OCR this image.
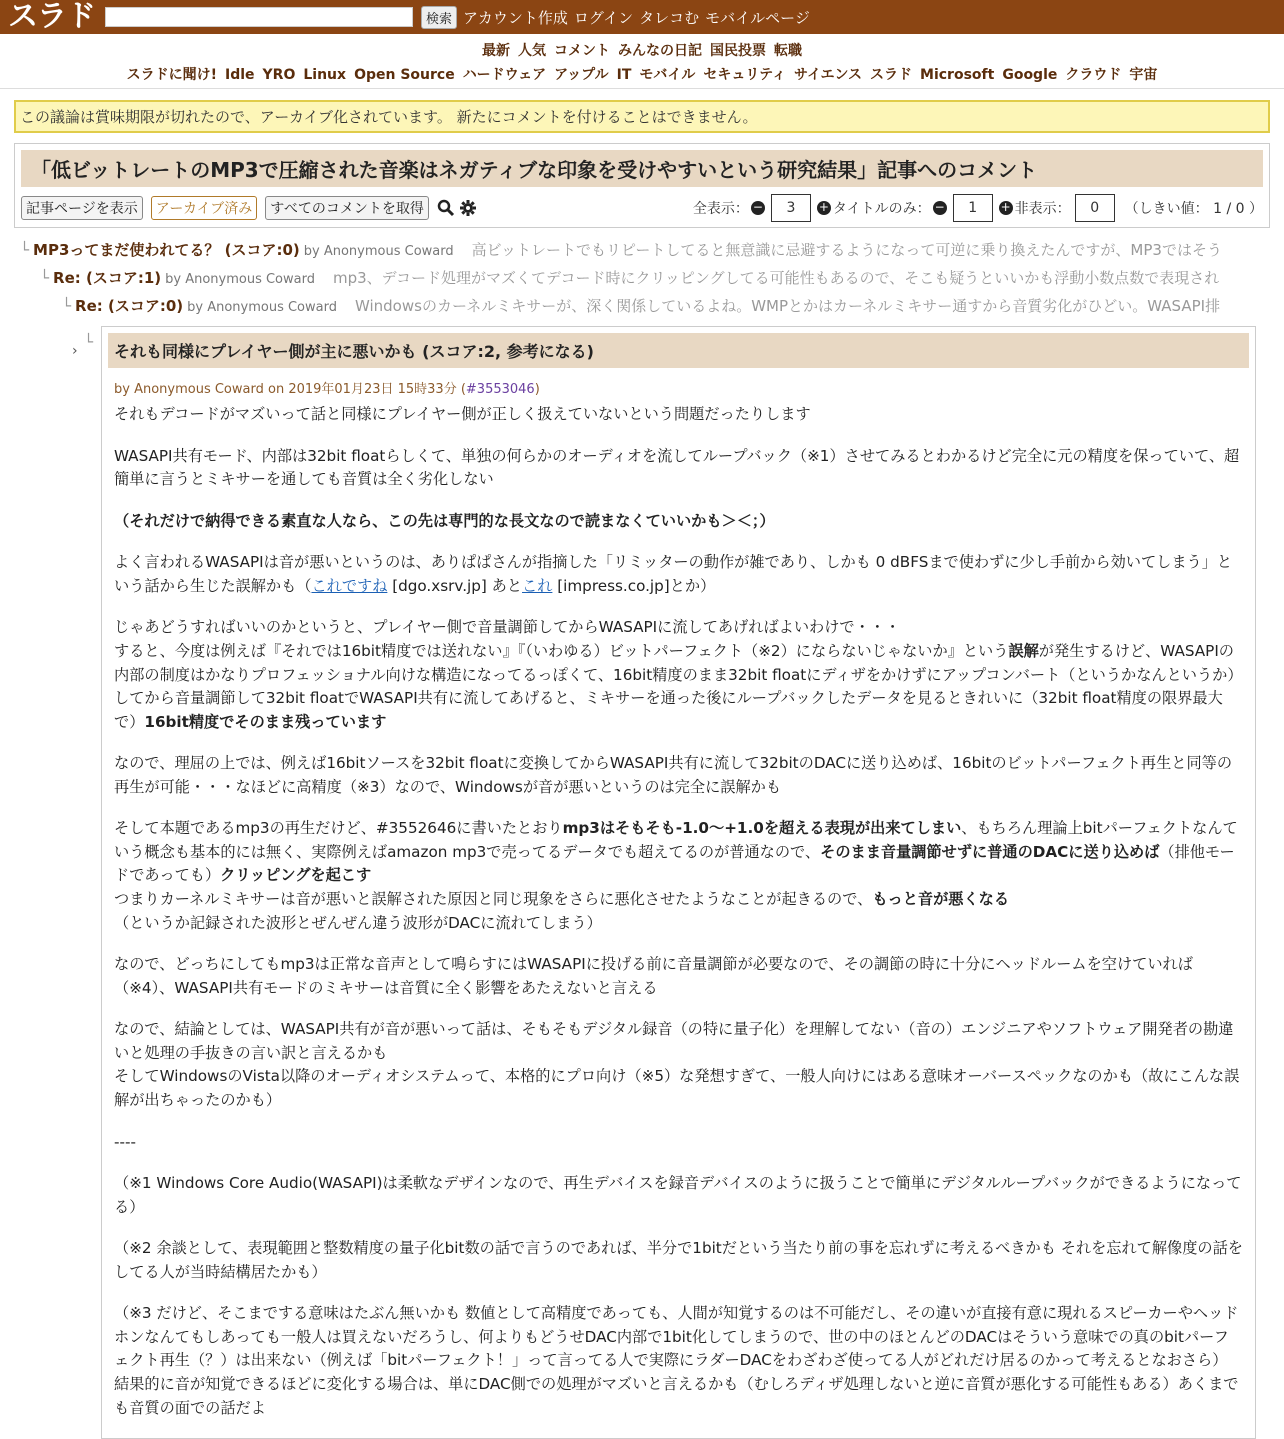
スラド	検索 アカウント作成 ログイン タレコむ モバイルページ
最新 人気 コメント みんなの日記 国民投票 転職
スラドに聞け! Idle YRO Linux Open Source ハードウェア アップル IT モバイル セキュリティ サイエンス スラド Microsoft Google クラウド 宇宙
この議論は賞味期限が切れたので、アーカイブ化されています。 新たにコメントを付けることはできません。
「低ビットレートのMP3で圧縮された音楽はネガティブな印象を受けやすいという研究結果」記事へのコメント
記事ページを表示	アーカイブ済み	すべてのコメントを取得	全表示： −	3	+ タイトルのみ： −	1	+ 非表示：	0	（しきい値： 1 / 0 ）
└ MP3ってまだ使われてる？ (スコア:0) by Anonymous Coward 高ビットレートでもリピートしてると無意識に忌避するようになって可逆に乗り換えたんですが、MP3ではそう
└ Re: (スコア:1) by Anonymous Coward mp3、デコード処理がマズくてデコード時にクリッピングしてる可能性もあるので、そこも疑うといいかも浮動小数点数で表現され
└ Re: (スコア:0) by Anonymous Coward Windowsのカーネルミキサーが、深く関係しているよね。WMPとかはカーネルミキサー通すから音質劣化がひどい。WASAPI排
› └	それも同様にプレイヤー側が主に悪いかも (スコア:2, 参考になる)
by Anonymous Coward on 2019年01月23日 15時33分 (#3553046)

それもデコードがマズいって話と同様にプレイヤー側が正しく扱えていないという問題だったりします

WASAPI共有モード、内部は32bit floatらしくて、単独の何らかのオーディオを流してループバック（※1）させてみるとわかるけど完全に元の精度を保っていて、超簡単に言うとミキサーを通しても音質は全く劣化しない

（それだけで納得できる素直な人なら、この先は専門的な長文なので読まなくていいかも＞＜；）

よく言われるWASAPIは音が悪いというのは、ありぱぱさんが指摘した「リミッターの動作が雑であり、しかも 0 dBFSまで使わずに少し手前から効いてしまう」という話から生じた誤解かも（これですね [dgo.xsrv.jp] あとこれ [impress.co.jp]とか）

じゃあどうすればいいのかというと、プレイヤー側で音量調節してからWASAPIに流してあげればよいわけで・・・
すると、今度は例えば『それでは16bit精度では送れない』『（いわゆる）ビットパーフェクト（※2）にならないじゃないか』という誤解が発生するけど、WASAPIの内部の制度はかなりプロフェッショナル向けな構造になってるっぽくて、16bit精度のまま32bit floatにディザをかけずにアップコンバート（というかなんというか）してから音量調節して32bit floatでWASAPI共有に流してあげると、ミキサーを通った後にループバックしたデータを見るときれいに（32bit float精度の限界最大で）16bit精度でそのまま残っています

なので、理屈の上では、例えば16bitソースを32bit floatに変換してからWASAPI共有に流して32bitのDACに送り込めば、16bitのビットパーフェクト再生と同等の再生が可能・・・なほどに高精度（※3）なので、Windowsが音が悪いというのは完全に誤解かも

そして本題であるmp3の再生だけど、#3552646に書いたとおりmp3はそもそも-1.0〜+1.0を超える表現が出来てしまい、もちろん理論上bitパーフェクトなんていう概念も基本的には無く、実際例えばamazon mp3で売ってるデータでも超えてるのが普通なので、そのまま音量調節せずに普通のDACに送り込めば（排他モードであっても）クリッピングを起こす
つまりカーネルミキサーは音が悪いと誤解された原因と同じ現象をさらに悪化させたようなことが起きるので、もっと音が悪くなる
（というか記録された波形とぜんぜん違う波形がDACに流れてしまう）

なので、どっちにしてもmp3は正常な音声として鳴らすにはWASAPIに投げる前に音量調節が必要なので、その調節の時に十分にヘッドルームを空けていれば（※4）、WASAPI共有モードのミキサーは音質に全く影響をあたえないと言える

なので、結論としては、WASAPI共有が音が悪いって話は、そもそもデジタル録音（の特に量子化）を理解してない（音の）エンジニアやソフトウェア開発者の勘違いと処理の手抜きの言い訳と言えるかも
そしてWindowsのVista以降のオーディオシステムって、本格的にプロ向け（※5）な発想すぎて、一般人向けにはある意味オーバースペックなのかも（故にこんな誤解が出ちゃったのかも）

----

（※1 Windows Core Audio(WASAPI)は柔軟なデザインなので、再生デバイスを録音デバイスのように扱うことで簡単にデジタルループバックができるようになってる）

（※2 余談として、表現範囲と整数精度の量子化bit数の話で言うのであれば、半分で1bitだという当たり前の事を忘れずに考えるべきかも それを忘れて解像度の話をしてる人が当時結構居たかも）

（※3 だけど、そこまでする意味はたぶん無いかも 数値として高精度であっても、人間が知覚するのは不可能だし、その違いが直接有意に現れるスピーカーやヘッドホンなんてもしあっても一般人は買えないだろうし、何よりもどうせDAC内部で1bit化してしまうので、世の中のほとんどのDACはそういう意味での真のbitパーフェクト再生（？）は出来ない（例えば「bitパーフェクト！」って言ってる人で実際にラダーDACをわざわざ使ってる人がどれだけ居るのかって考えるとなおさら）　結果的に音が知覚できるほどに変化する場合は、単にDAC側での処理がマズいと言えるかも（むしろディザ処理しないと逆に音質が悪化する可能性もある）あくまでも音質の面での話だよ
